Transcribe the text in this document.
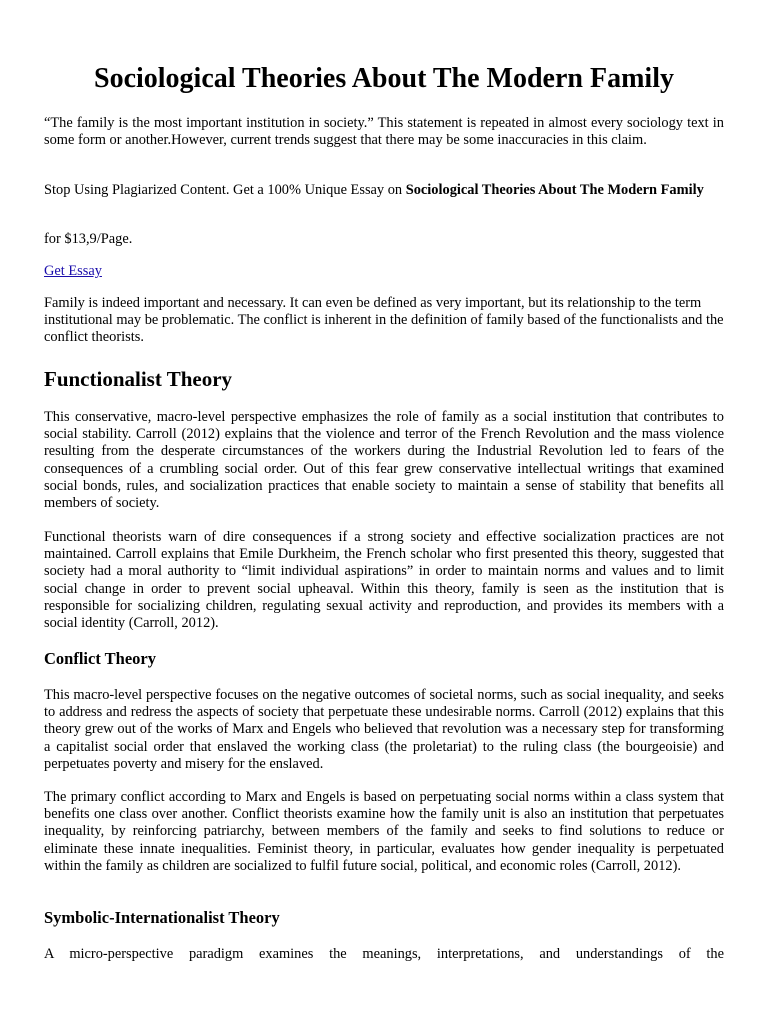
Sociological Theories About The Modern Family

“The family is the most important institution in society.” This statement is repeated in almost every sociology text in some form or another.However, current trends suggest that there may be some inaccuracies in this claim.

Stop Using Plagiarized Content. Get a 100% Unique Essay on Sociological Theories About The Modern Family

for $13,9/Page.

Get Essay

Family is indeed important and necessary. It can even be defined as very important, but its relationship to the term institutional may be problematic. The conflict is inherent in the definition of family based of the functionalists and the conflict theorists.

Functionalist Theory

This conservative, macro-level perspective emphasizes the role of family as a social institution that contributes to social stability. Carroll (2012) explains that the violence and terror of the French Revolution and the mass violence resulting from the desperate circumstances of the workers during the Industrial Revolution led to fears of the consequences of a crumbling social order. Out of this fear grew conservative intellectual writings that examined social bonds, rules, and socialization practices that enable society to maintain a sense of stability that benefits all members of society.

Functional theorists warn of dire consequences if a strong society and effective socialization practices are not maintained. Carroll explains that Emile Durkheim, the French scholar who first presented this theory, suggested that society had a moral authority to “limit individual aspirations” in order to maintain norms and values and to limit social change in order to prevent social upheaval. Within this theory, family is seen as the institution that is responsible for socializing children, regulating sexual activity and reproduction, and provides its members with a social identity (Carroll, 2012).

Conflict Theory

This macro-level perspective focuses on the negative outcomes of societal norms, such as social inequality, and seeks to address and redress the aspects of society that perpetuate these undesirable norms. Carroll (2012) explains that this theory grew out of the works of Marx and Engels who believed that revolution was a necessary step for transforming a capitalist social order that enslaved the working class (the proletariat) to the ruling class (the bourgeoisie) and perpetuates poverty and misery for the enslaved.

The primary conflict according to Marx and Engels is based on perpetuating social norms within a class system that benefits one class over another. Conflict theorists examine how the family unit is also an institution that perpetuates inequality, by reinforcing patriarchy, between members of the family and seeks to find solutions to reduce or eliminate these innate inequalities. Feminist theory, in particular, evaluates how gender inequality is perpetuated within the family as children are socialized to fulfil future social, political, and economic roles (Carroll, 2012).

Symbolic-Internationalist Theory

A micro-perspective paradigm examines the meanings, interpretations, and understandings of the
